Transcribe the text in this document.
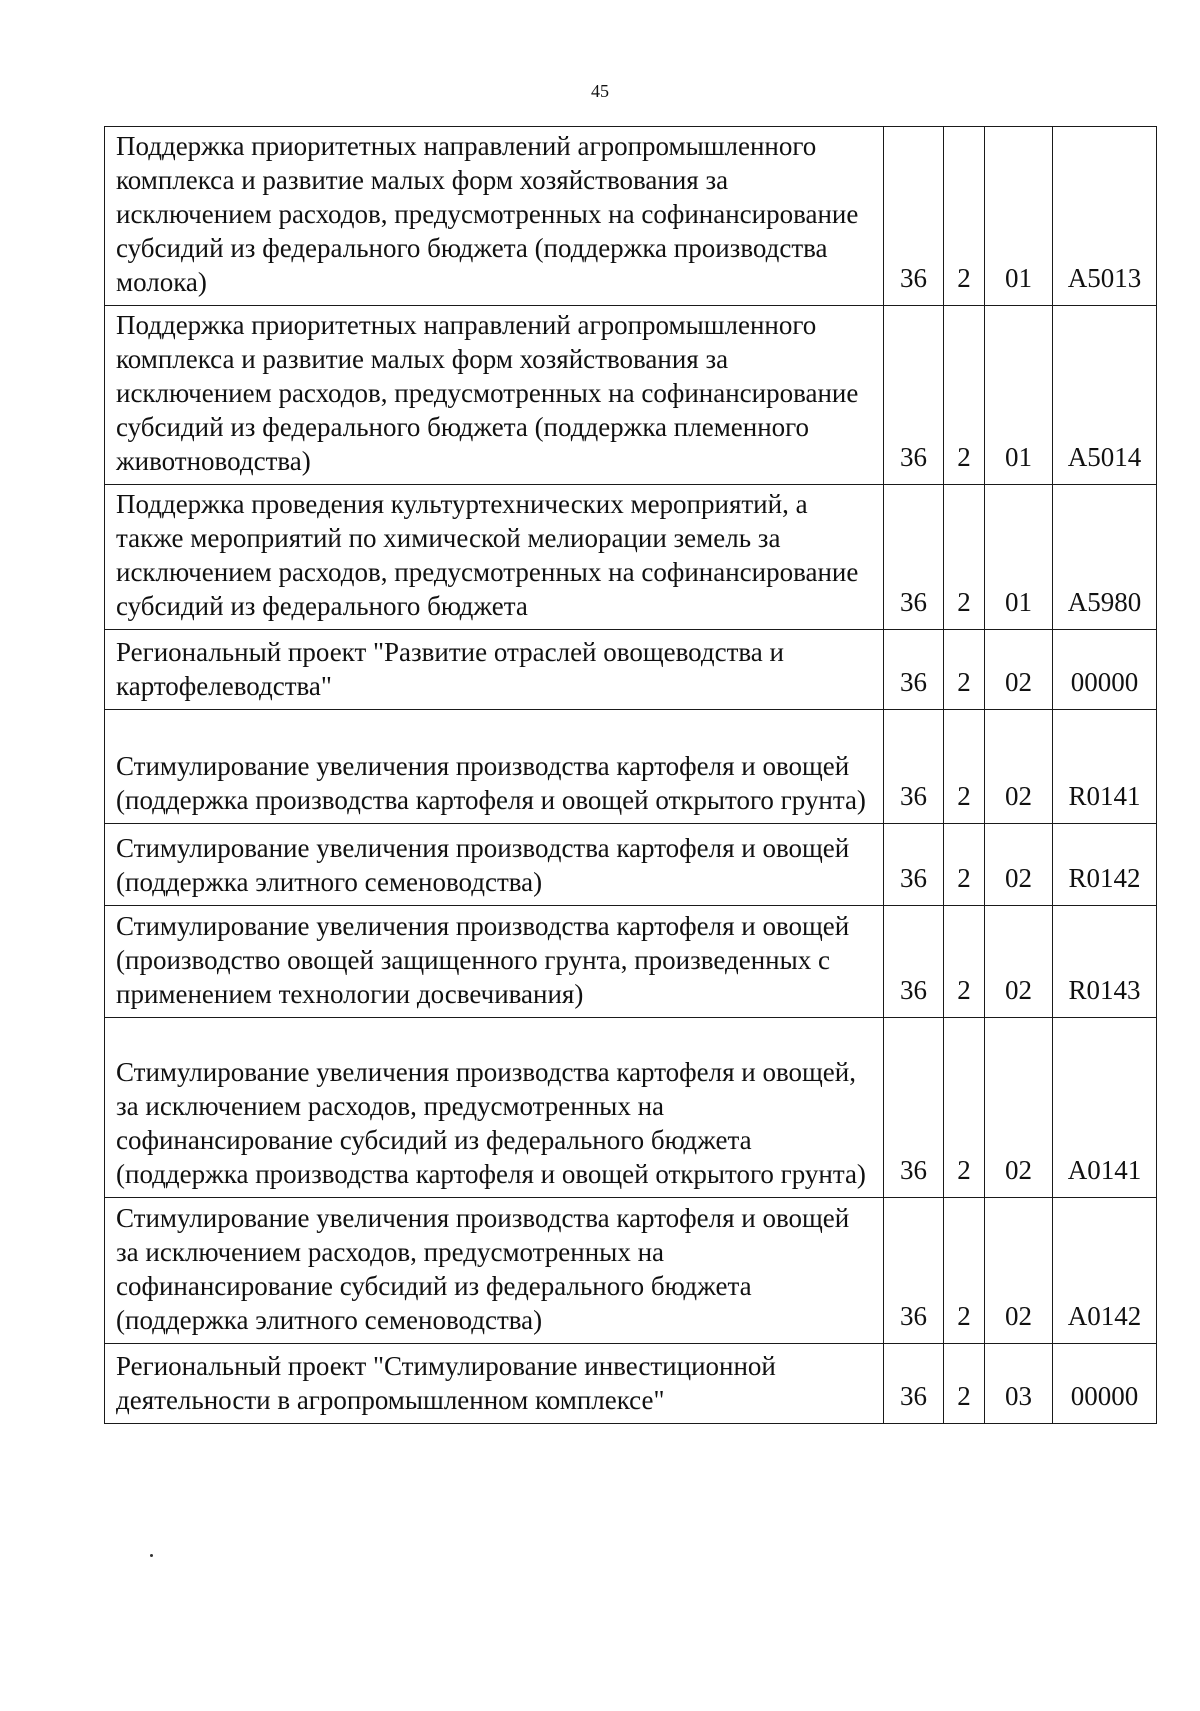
45
Поддержка приоритетных направлений агропромышленного комплекса и развитие малых форм хозяйствования за исключением расходов, предусмотренных на софинансирование субсидий из федерального бюджета (поддержка производства молока)	36	2	01	А5013
Поддержка приоритетных направлений агропромышленного комплекса и развитие малых форм хозяйствования за исключением расходов, предусмотренных на софинансирование субсидий из федерального бюджета (поддержка племенного животноводства)	36	2	01	А5014
Поддержка проведения культуртехнических мероприятий, а также мероприятий по химической мелиорации земель за исключением расходов, предусмотренных на софинансирование субсидий из федерального бюджета	36	2	01	А5980
Региональный проект "Развитие отраслей овощеводства и картофелеводства"	36	2	02	00000
Стимулирование увеличения производства картофеля и овощей (поддержка производства картофеля и овощей открытого грунта)	36	2	02	R0141
Стимулирование увеличения производства картофеля и овощей (поддержка элитного семеноводства)	36	2	02	R0142
Стимулирование увеличения производства картофеля и овощей (производство овощей защищенного грунта, произведенных с применением технологии досвечивания)	36	2	02	R0143
Стимулирование увеличения производства картофеля и овощей, за исключением расходов, предусмотренных на софинансирование субсидий из федерального бюджета (поддержка производства картофеля и овощей открытого грунта)	36	2	02	А0141
Стимулирование увеличения производства картофеля и овощей за исключением расходов, предусмотренных на софинансирование субсидий из федерального бюджета (поддержка элитного семеноводства)	36	2	02	А0142
Региональный проект "Стимулирование инвестиционной деятельности в агропромышленном комплексе"	36	2	03	00000
